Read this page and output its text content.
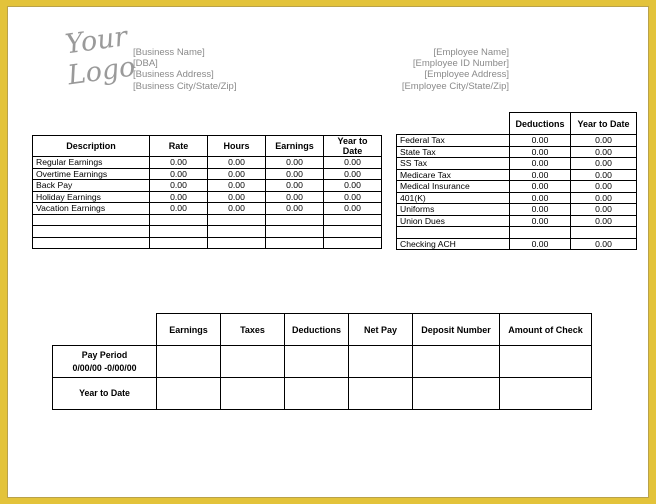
Your
Logo
[Business Name]
[DBA]
[Business Address]
[Business City/State/Zip]
[Employee Name]
[Employee ID Number]
[Employee Address]
[Employee City/State/Zip]
Description	Rate	Hours	Earnings	Year to Date
Regular Earnings	0.00	0.00	0.00	0.00
Overtime Earnings	0.00	0.00	0.00	0.00
Back Pay	0.00	0.00	0.00	0.00
Holiday Earnings	0.00	0.00	0.00	0.00
Vacation Earnings	0.00	0.00	0.00	0.00

	Deductions	Year to Date
Federal Tax	0.00	0.00
State Tax	0.00	0.00
SS Tax	0.00	0.00
Medicare Tax	0.00	0.00
Medical Insurance	0.00	0.00
401(K)	0.00	0.00
Uniforms	0.00	0.00
Union Dues	0.00	0.00

Checking ACH	0.00	0.00
	Earnings	Taxes	Deductions	Net Pay	Deposit Number	Amount of Check

Pay Period
0/00/00 -0/00/00						

Year to Date						
